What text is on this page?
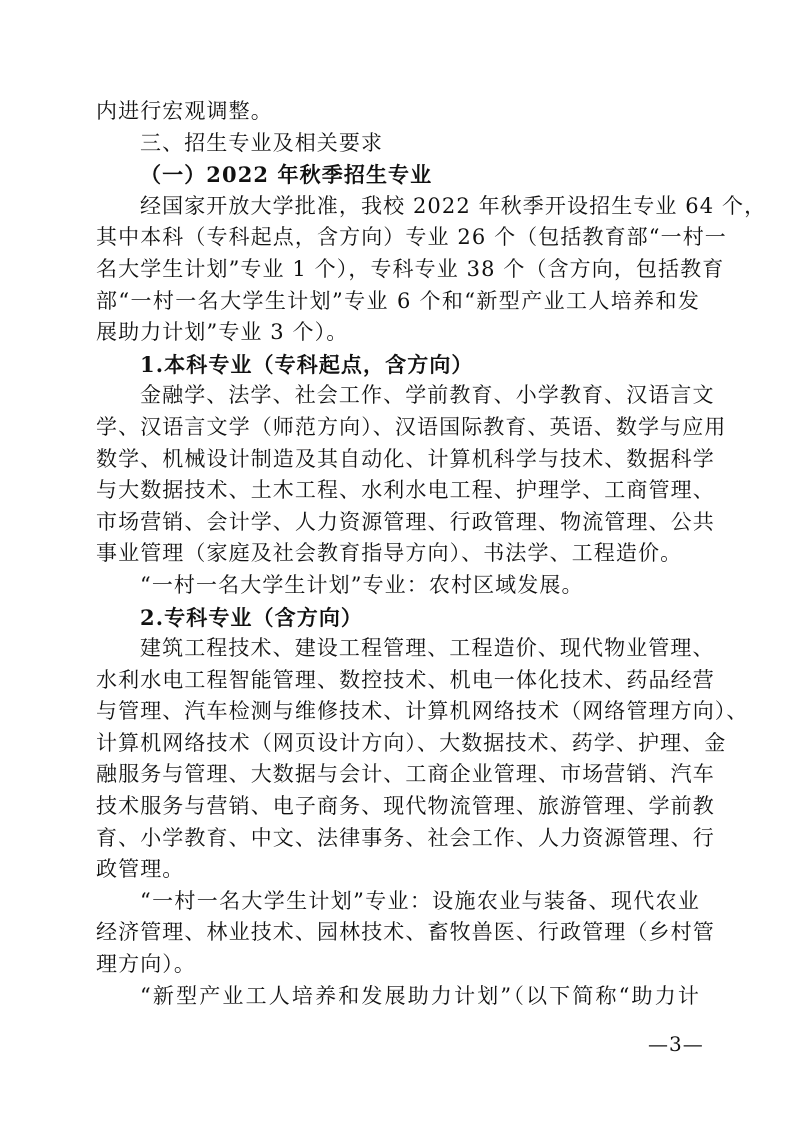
内进行宏观调整。
三、招生专业及相关要求
（一）2022 年秋季招生专业
经国家开放大学批准，我校 2022 年秋季开设招生专业 64 个，
其中本科（专科起点，含方向）专业 26 个（包括教育部“一村一
名大学生计划”专业 1 个），专科专业 38 个（含方向，包括教育
部“一村一名大学生计划”专业 6 个和“新型产业工人培养和发
展助力计划”专业 3 个）。
1.本科专业（专科起点，含方向）
金融学、法学、社会工作、学前教育、小学教育、汉语言文
学、汉语言文学（师范方向）、汉语国际教育、英语、数学与应用
数学、机械设计制造及其自动化、计算机科学与技术、数据科学
与大数据技术、土木工程、水利水电工程、护理学、工商管理、
市场营销、会计学、人力资源管理、行政管理、物流管理、公共
事业管理（家庭及社会教育指导方向）、书法学、工程造价。
“一村一名大学生计划”专业：农村区域发展。
2.专科专业（含方向）
建筑工程技术、建设工程管理、工程造价、现代物业管理、
水利水电工程智能管理、数控技术、机电一体化技术、药品经营
与管理、汽车检测与维修技术、计算机网络技术（网络管理方向）、
计算机网络技术（网页设计方向）、大数据技术、药学、护理、金
融服务与管理、大数据与会计、工商企业管理、市场营销、汽车
技术服务与营销、电子商务、现代物流管理、旅游管理、学前教
育、小学教育、中文、法律事务、社会工作、人力资源管理、行
政管理。
“一村一名大学生计划”专业：设施农业与装备、现代农业
经济管理、林业技术、园林技术、畜牧兽医、行政管理（乡村管
理方向）。
“新型产业工人培养和发展助力计划”（以下简称“助力计
—3—
